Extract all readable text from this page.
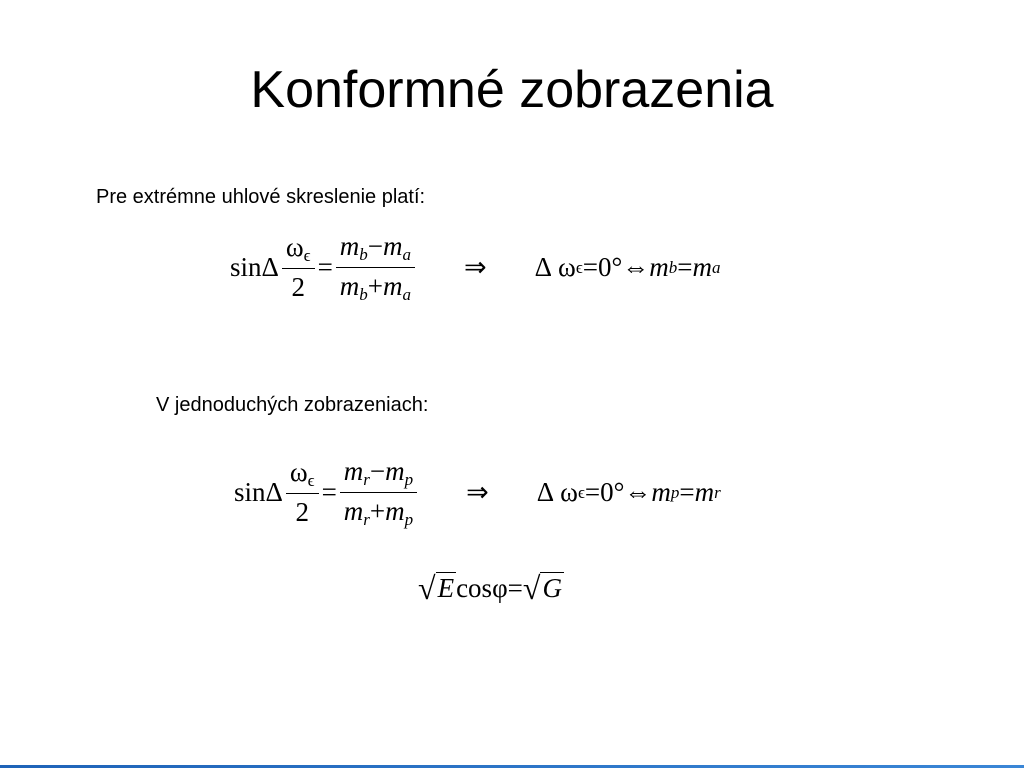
Konformné zobrazenia
Pre extrémne uhlové skreslenie platí:
sin Δ $\frac{\omega_\epsilon}{2} = \frac{m_b-m_a}{m_b+m_a}$ ⇒ Δ ω ϵ = 0 ° ⇔ m b = m a
V jednoduchých zobrazeniach:
sin Δ $\frac{\omega_\epsilon}{2} = \frac{m_r-m_p}{m_r+m_p}$ ⇒ Δ ω ϵ = 0 ° ⇔ m p = m r
√ E cos φ = √ G
